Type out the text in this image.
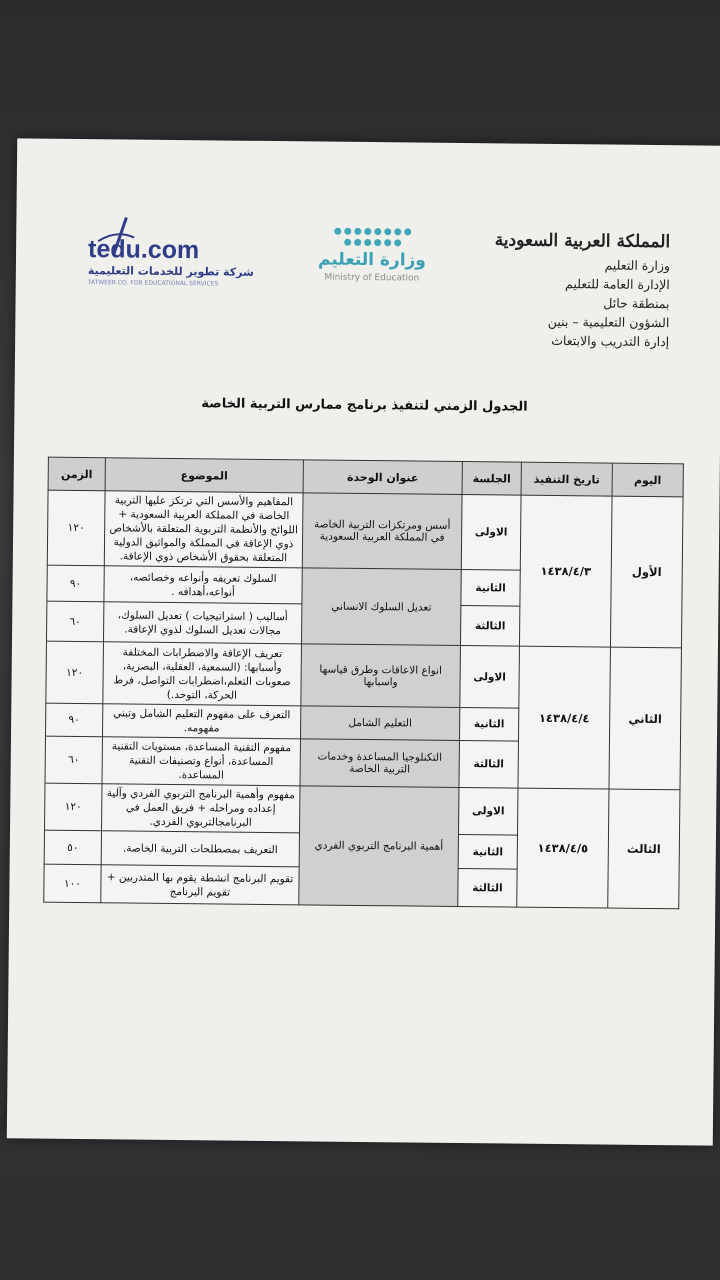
المملكة العربية السعودية
وزارة التعليم
الإدارة العامة للتعليم
بمنطقة حائل
الشؤون التعليمية – بنين
إدارة التدريب والابتعاث
وزارة التعليم
Ministry of Education
tedu.com
شركة تطوير للخدمات التعليمية
TATWEER CO. FOR EDUCATIONAL SERVICES
الجدول الزمني لتنفيذ برنامج ممارس التربية الخاصة
اليوم	تاريخ التنفيذ	الجلسة	عنوان الوحدة	الموضوع	الزمن
الأول	١٤٣٨/٤/٣	الاولى	أسس ومرتكزات التربية الخاصة في المملكة العربية السعودية	المفاهيم والأسس التي ترتكز عليها التربية الخاصة في المملكة العربية السعودية + اللوائح والأنظمة التربوية المتعلقة بالأشخاص ذوي الإعاقة في المملكة والمواثيق الدولية المتعلقة بحقوق الأشخاص ذوي الإعاقة.	١٢٠
		الثانية	تعديل السلوك الانساني	السلوك تعريفه وأنواعه وخصائصه، أنواعه،أهدافه .	٩٠
		الثالثة		أساليب ( استراتيجيات ) تعديل السلوك، مجالات تعديل السلوك لذوي الإعاقة.	٦٠
الثاني	١٤٣٨/٤/٤	الاولى	انواع الاعاقات وطرق قياسها واسبابها	تعريف الإعاقة والاضطرابات المختلفة وأسبابها: (السمعية، العقلية، البصرية، صعوبات التعلم،اضطرابات التواصل، فرط الحركة، التوحد.)	١٢٠
		الثانية	التعليم الشامل	التعرف على مفهوم التعليم الشامل وتبني مفهومه.	٩٠
		الثالثة	التكنلوجيا المساعدة وخدمات التربية الخاصة	مفهوم التقنية المساعدة، مستويات التقنية المساعدة، أنواع وتصنيفات التقنية المساعدة.	٦٠
الثالث	١٤٣٨/٤/٥	الاولى	أهمية البرنامج التربوي الفردي	مفهوم وأهمية البرنامج التربوي الفردي وآلية إعداده ومراحله + فريق العمل في البرنامجالتربوي الفردي.	١٢٠
		الثانية		التعريف بمصطلحات التربية الخاصة.	٥٠
		الثالثة		تقويم البرنامج انشطة يقوم بها المتدربين + تقويم البرنامج	١٠٠
